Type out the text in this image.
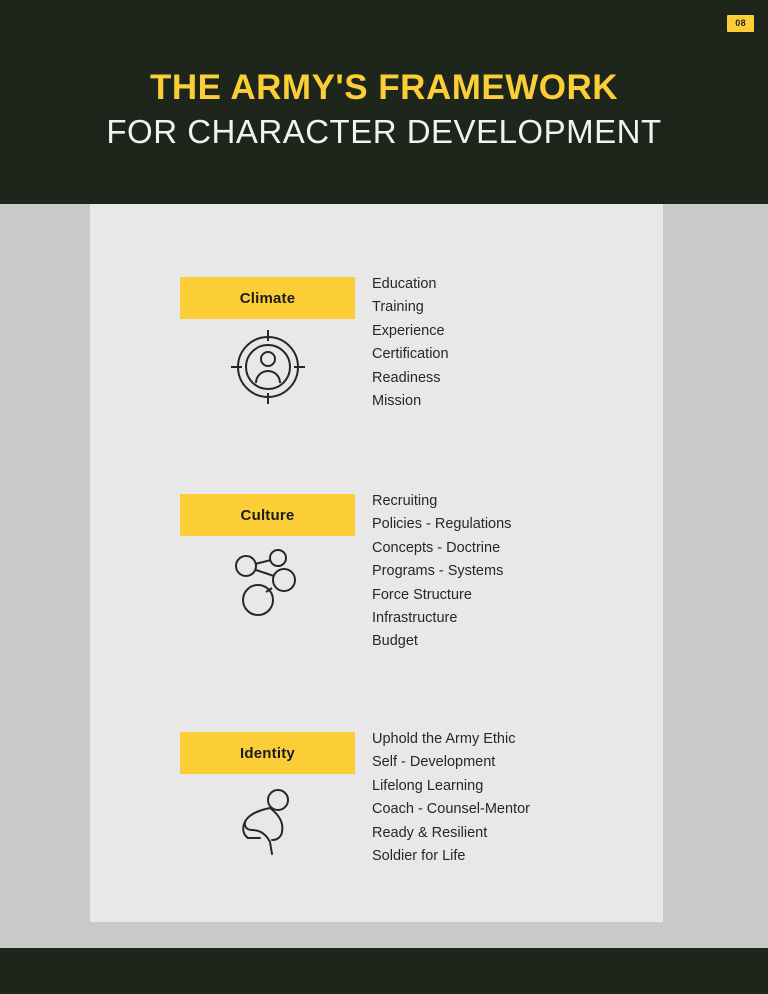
08
THE ARMY'S FRAMEWORK
FOR CHARACTER DEVELOPMENT
Climate
Education
Training
Experience
Certification
Readiness
Mission
Culture
Recruiting
Policies - Regulations
Concepts - Doctrine
Programs - Systems
Force Structure
Infrastructure
Budget
Identity
Uphold the Army Ethic
Self - Development
Lifelong Learning
Coach - Counsel-Mentor
Ready & Resilient
Soldier for Life
